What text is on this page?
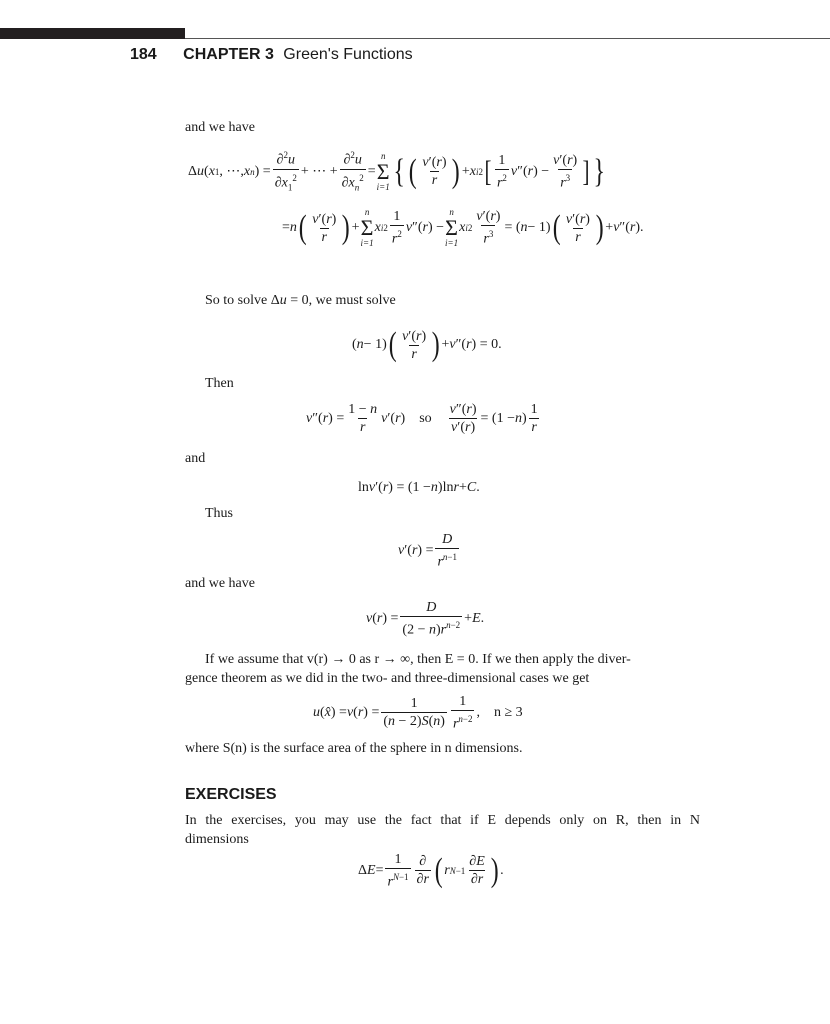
184 CHAPTER 3 Green's Functions
and we have
Δ u ( x 1 , ⋯, x n ) = $\frac{\partial^2u}{\partial x_1^2}$ + ⋯ + $\frac{\partial^2u}{\partial x_n^2}$ =
n
Σ
i=1 { ( $\frac{v'(r)}{r}$ ) + x i 2 [ $\frac{1}{r^2}$ v ″( r ) − $\frac{v'(r)}{r^3}$ ] }
= n ( $\frac{v'(r)}{r}$ ) +
n
Σ
i=1
x i $2 \frac{1}{r^2}$ v ″( r ) −
n
Σ
i=1
x i $2 \frac{v'(r)}{r^3}$ = ( n − 1) ( $\frac{v'(r)}{r}$ ) + v ″( r ).
So to solve Δu = 0, we must solve
( n − 1) ( $\frac{v'(r)}{r}$ ) + v ″( r ) = 0.
Then
v ″( r ) = $\frac{1 - n}{r}$ v ′( r ) so $\frac{v''(r)}{v'(r)} = (1 - n$ ) $\frac{1}{r}$
and
ln v ′( r ) = (1 − n )ln r + C .
Thus
v ′( r ) = $\frac{D}{r^{n-1}}$
and we have
v ( r ) = $\frac{D}{(2 - n)r^{n-2}} + E$ .
If we assume that v(r) → 0 as r → ∞, then E = 0. If we then apply the diver-
gence theorem as we did in the two- and three-dimensional cases we get
u ( x̂ ) = v ( r ) = $\frac{1}{(n - 2)S(n)} \frac{1}{r^{n-2}}$ , n ≥ 3
where S(n) is the surface area of the sphere in n dimensions.
EXERCISES
In the exercises, you may use the fact that if E depends only on R, then in N
dimensions
Δ $E = \frac{1}{r^{N-1}} \frac{\partial}{\partial r}$ ( r $N-1 \frac{\partial E}{\partial r}$ ) .
